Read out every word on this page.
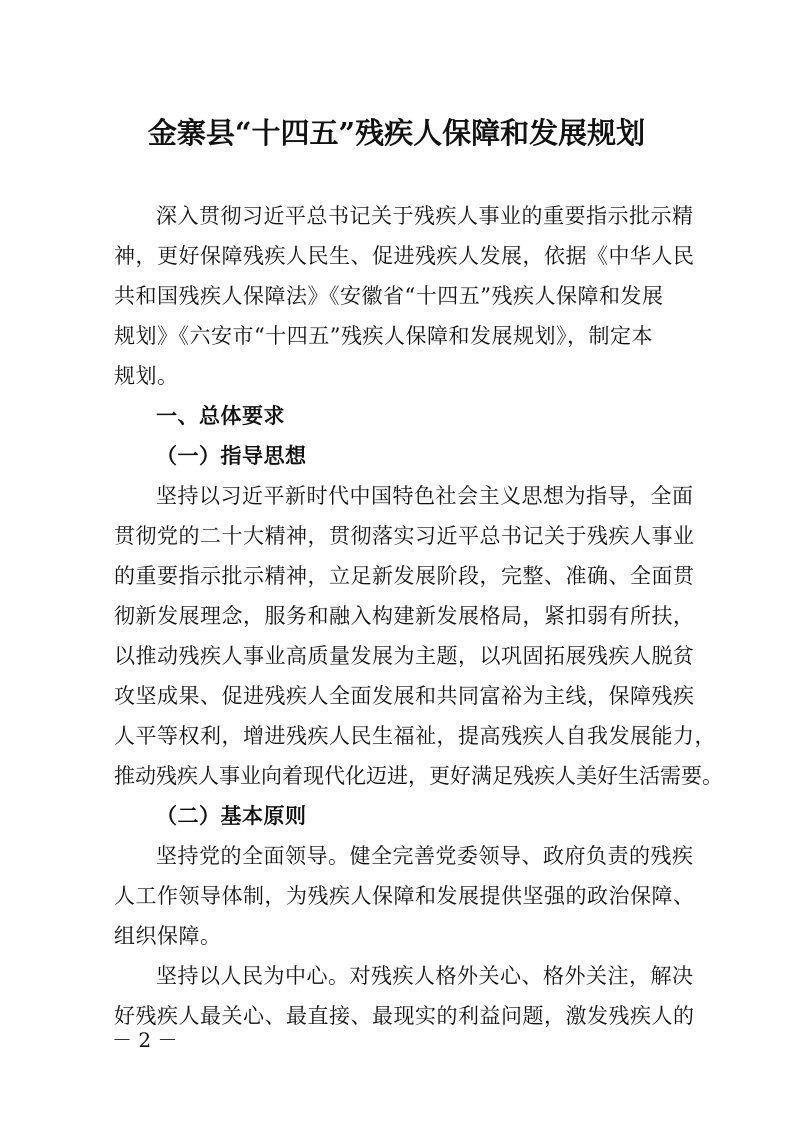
金寨县“十四五”残疾人保障和发展规划
深入贯彻习近平总书记关于残疾人事业的重要指示批示精
神，更好保障残疾人民生、促进残疾人发展，依据《中华人民
共和国残疾人保障法》《安徽省“十四五”残疾人保障和发展
规划》《六安市“十四五”残疾人保障和发展规划》，制定本
规划。
一、总体要求
（一）指导思想
坚持以习近平新时代中国特色社会主义思想为指导，全面
贯彻党的二十大精神，贯彻落实习近平总书记关于残疾人事业
的重要指示批示精神，立足新发展阶段，完整、准确、全面贯
彻新发展理念，服务和融入构建新发展格局，紧扣弱有所扶，
以推动残疾人事业高质量发展为主题，以巩固拓展残疾人脱贫
攻坚成果、促进残疾人全面发展和共同富裕为主线，保障残疾
人平等权利，增进残疾人民生福祉，提高残疾人自我发展能力，
推动残疾人事业向着现代化迈进，更好满足残疾人美好生活需要。
（二）基本原则
坚持党的全面领导。健全完善党委领导、政府负责的残疾
人工作领导体制，为残疾人保障和发展提供坚强的政治保障、
组织保障。
坚持以人民为中心。对残疾人格外关心、格外关注，解决
好残疾人最关心、最直接、最现实的利益问题，激发残疾人的
－ 2 －
